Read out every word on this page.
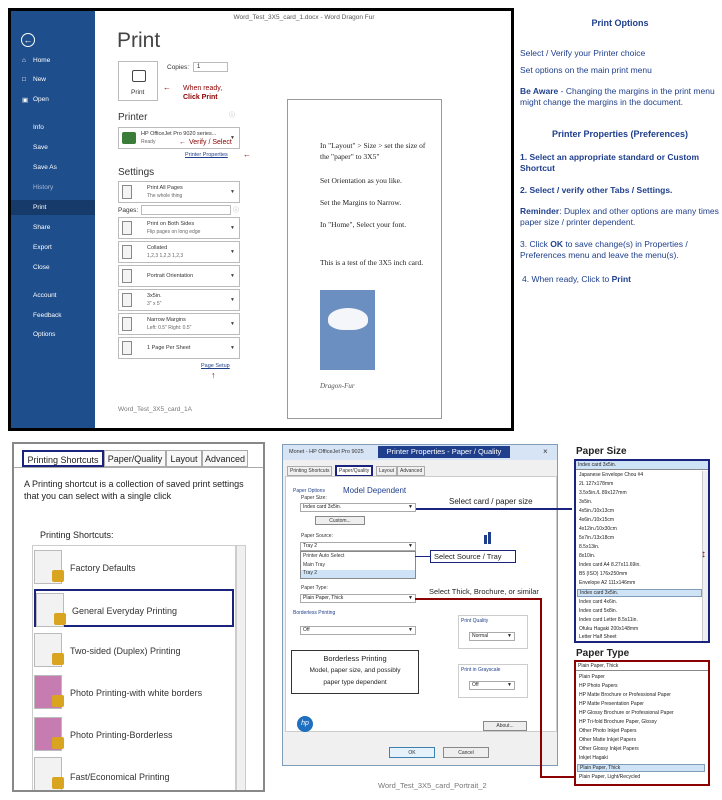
←
⌂ Home
□ New
▣ Open
Info
Save
Save As
History
Print
Share
Export
Close
Account
Feedback
Options
Word_Test_3X5_card_1.docx - Word Dragon Fur
Print
Print
Copies:	1
← When ready,
Click Print
Printer	ⓘ
HP OfficeJet Pro 9020 series...
Ready
▼
← Verify / Select
Printer Properties ←
Settings
Print All Pages
The whole thing
▼
Pages:	ⓘ
Print on Both Sides
Flip pages on long edge
▼
Collated
1,2,3 1,2,3 1,2,3
▼
Portrait Orientation	▼
3x5in.
3" x 5"
▼
Narrow Margins
Left: 0.5" Right: 0.5"
▼
1 Page Per Sheet	▼
Page Setup
↑
Word_Test_3X5_card_1A

In "Layout" > Size > set the size of the "paper" to 3X5"

Set Orientation as you like.

Set the Margins to Narrow.

In "Home", Select your font.

This is a test of the 3X5 inch card.

Dragon-Fur
Print Options
Select / Verify your Printer choice
Set options on the main print menu
Be Aware - Changing the margins in the print menu might change the margins in the document.
Printer Properties (Preferences)
1. Select an appropriate standard or Custom Shortcut
2. Select / verify other Tabs / Settings.
Reminder: Duplex and other options are many times paper size / printer dependent.
3. Click OK to save change(s) in Properties / Preferences menu and leave the menu(s).
4. When ready, Click to Print
Printing Shortcuts	Paper/Quality Layout Advanced
A Printing shortcut is a collection of saved print settings that you can select with a single click
Printing Shortcuts:
Factory Defaults
General Everyday Printing
Two-sided (Duplex) Printing
Photo Printing-with white borders
Photo Printing-Borderless
Fast/Economical Printing
Monet - HP OfficeJet Pro 9025	Printer Properties - Paper / Quality	×
Printing Shortcuts	Paper/Quality	Layout	Advanced
Paper Options Model Dependent
Paper Size:
Index card 3x5in.	▼
Custom...
Paper Source:
Tray 2	▼
Printer Auto Select
Main Tray
Tray 2
Paper Type:
Plain Paper, Thick	▼
Borderless Printing
Off	▼
Print Quality
Normal	▼
Print in Grayscale
Off	▼
Borderless Printing
Model, paper size, and possibly
paper type dependent
hp	About...
OK	Cancel
Word_Test_3X5_card_Portrait_2
Select card / paper size
Select Source / Tray
Select Thick, Brochure, or similar
Paper Size
Index card 3x5in.
Japanese Envelope Chou #4
2L 127x178mm
3.5x5in./L 89x127mm
3x5in.
4x5in./10x13cm
4x6in./10x15cm
4x12in./10x30cm
5x7in./13x18cm
8.5x13in.
8x10in.
Index card A4 8.27x11.69in.
B5 (ISO) 176x250mm
Envelope A2 111x146mm
Index card 3x5in.
Index card 4x6in.
Index card 5x8in.
Index card Letter 8.5x11in.
Ofuku Hagaki 200x148mm
Letter Half Sheet
↕
Paper Type
Plain Paper, Thick
Plain Paper
HP Photo Papers
HP Matte Brochure or Professional Paper
HP Matte Presentation Paper
HP Glossy Brochure or Professional Paper
HP Tri-fold Brochure Paper, Glossy
Other Photo Inkjet Papers
Other Matte Inkjet Papers
Other Glossy Inkjet Papers
Inkjet Hagaki
Plain Paper, Thick
Plain Paper, Light/Recycled
